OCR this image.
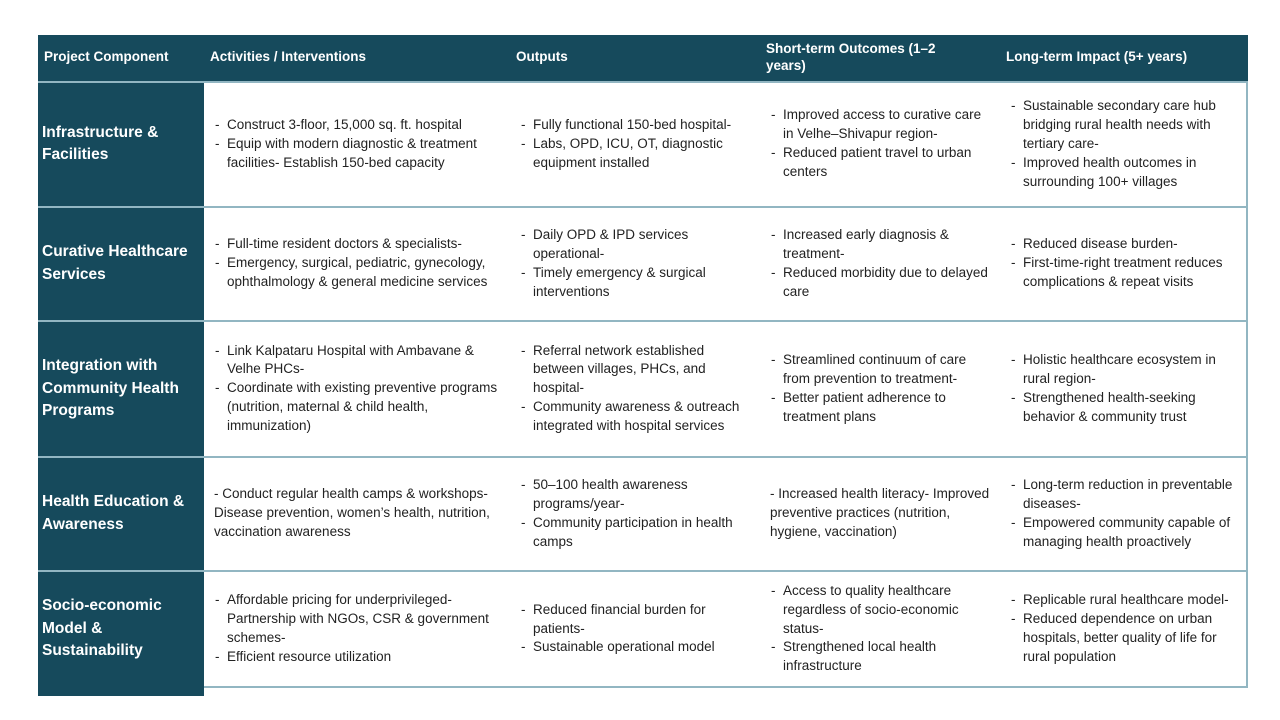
Project Component	Activities / Interventions	Outputs
Short-term Outcomes (1–2 years)
Long-term Impact (5+ years)
Infrastructure & Facilities
- Construct 3-floor, 15,000 sq. ft. hospital
- Equip with modern diagnostic & treatment facilities- Establish 150-bed capacity
- Fully functional 150-bed hospital-
- Labs, OPD, ICU, OT, diagnostic equipment installed
- Improved access to curative care in Velhe–Shivapur region-
- Reduced patient travel to urban centers
- Sustainable secondary care hub bridging rural health needs with tertiary care-
- Improved health outcomes in surrounding 100+ villages
Curative Healthcare Services
- Full-time resident doctors & specialists-
- Emergency, surgical, pediatric, gynecology, ophthalmology & general medicine services
- Daily OPD & IPD services operational-
- Timely emergency & surgical interventions
- Increased early diagnosis & treatment-
- Reduced morbidity due to delayed care
- Reduced disease burden-
- First-time-right treatment reduces complications & repeat visits
Integration with Community Health Programs
- Link Kalpataru Hospital with Ambavane & Velhe PHCs-
- Coordinate with existing preventive programs (nutrition, maternal & child health, immunization)
- Referral network established between villages, PHCs, and hospital-
- Community awareness & outreach integrated with hospital services
- Streamlined continuum of care from prevention to treatment-
- Better patient adherence to treatment plans
- Holistic healthcare ecosystem in rural region-
- Strengthened health-seeking behavior & community trust
Health Education & Awareness
- Conduct regular health camps & workshops- Disease prevention, women’s health, nutrition, vaccination awareness
- 50–100 health awareness programs/year-
- Community participation in health camps
- Increased health literacy- Improved preventive practices (nutrition, hygiene, vaccination)
- Long-term reduction in preventable diseases-
- Empowered community capable of managing health proactively
Socio-economic Model & Sustainability
- Affordable pricing for underprivileged- Partnership with NGOs, CSR & government schemes-
- Efficient resource utilization
- Reduced financial burden for patients-
- Sustainable operational model
- Access to quality healthcare regardless of socio-economic status-
- Strengthened local health infrastructure
- Replicable rural healthcare model-
- Reduced dependence on urban hospitals, better quality of life for rural population
